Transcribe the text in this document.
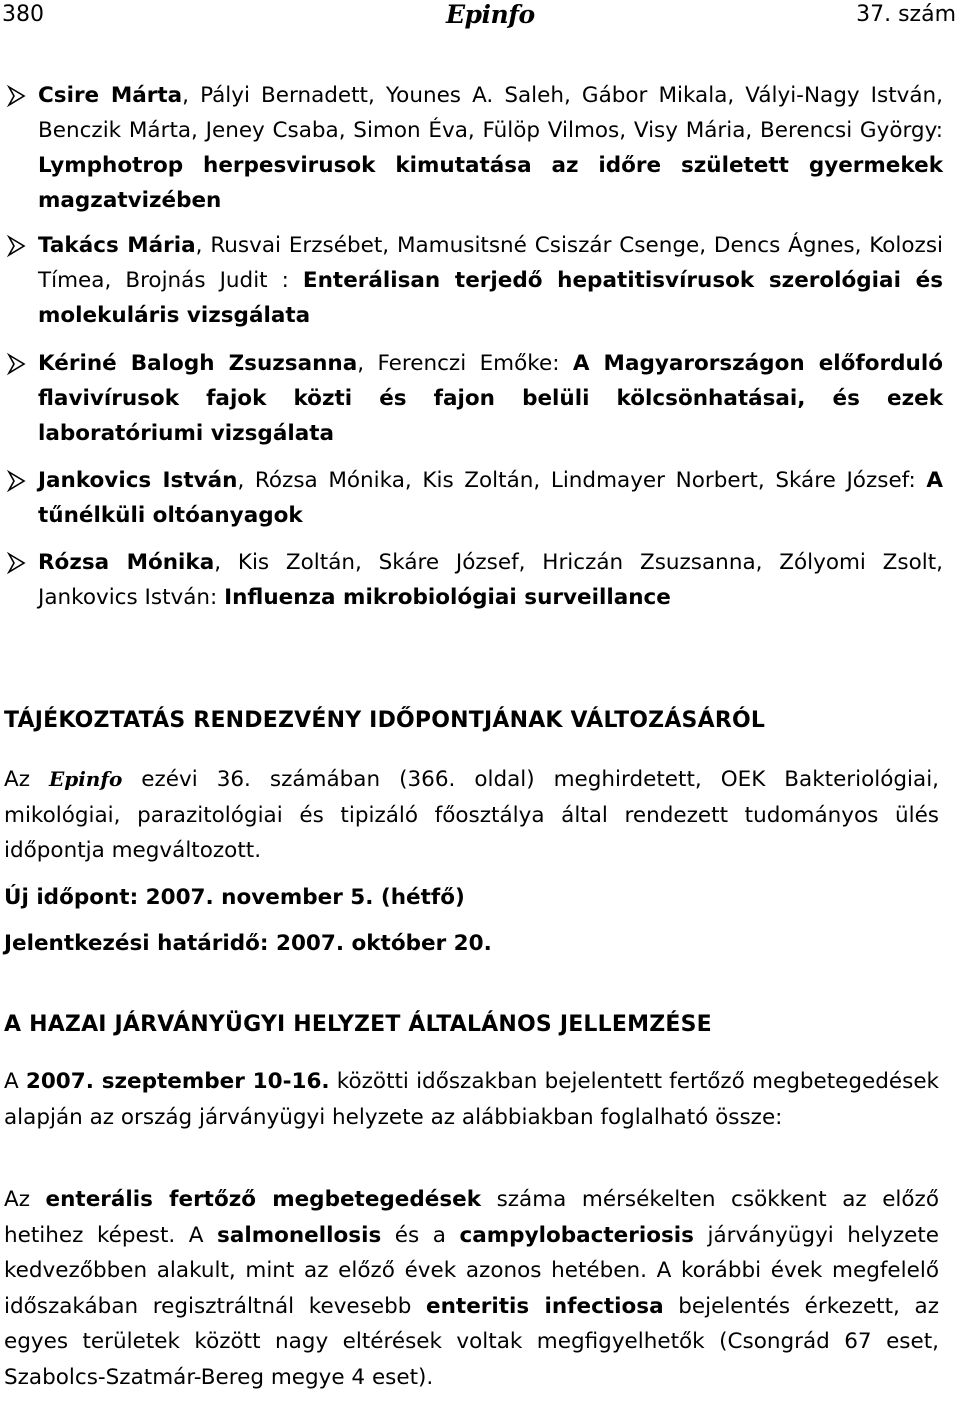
380	Epinfo	37. szám
Csire Márta, Pályi Bernadett, Younes A. Saleh, Gábor Mikala, Vályi-Nagy István, Benczik Márta, Jeney Csaba, Simon Éva, Fülöp Vilmos, Visy Mária, Berencsi György: Lymphotrop herpesvirusok kimutatása az időre született gyermekek magzatvizében
Takács Mária, Rusvai Erzsébet, Mamusitsné Csiszár Csenge, Dencs Ágnes, Kolozsi Tímea, Brojnás Judit : Enterálisan terjedő hepatitisvírusok szerológiai és molekuláris vizsgálata
Kériné Balogh Zsuzsanna, Ferenczi Emőke: A Magyarországon előforduló flavivírusok fajok közti és fajon belüli kölcsönhatásai, és ezek laboratóriumi vizsgálata
Jankovics István, Rózsa Mónika, Kis Zoltán, Lindmayer Norbert, Skáre József: A tűnélküli oltóanyagok
Rózsa Mónika, Kis Zoltán, Skáre József, Hriczán Zsuzsanna, Zólyomi Zsolt, Jankovics István: Influenza mikrobiológiai surveillance
TÁJÉKOZTATÁS RENDEZVÉNY IDŐPONTJÁNAK VÁLTOZÁSÁRÓL
Az Epinfo ezévi 36. számában (366. oldal) meghirdetett, OEK Bakteriológiai, mikológiai, parazitológiai és tipizáló főosztálya által rendezett tudományos ülés időpontja megváltozott.
Új időpont: 2007. november 5. (hétfő)
Jelentkezési határidő: 2007. október 20.
A HAZAI JÁRVÁNYÜGYI HELYZET ÁLTALÁNOS JELLEMZÉSE
A 2007. szeptember 10-16. közötti időszakban bejelentett fertőző megbetegedések alapján az ország járványügyi helyzete az alábbiakban foglalható össze:
Az enterális fertőző megbetegedések száma mérsékelten csökkent az előző hetihez képest. A salmonellosis és a campylobacteriosis járványügyi helyzete kedvezőbben alakult, mint az előző évek azonos hetében. A korábbi évek megfelelő időszakában regisztráltnál kevesebb enteritis infectiosa bejelentés érkezett, az egyes területek között nagy eltérések voltak megfigyelhetők (Csongrád 67 eset, Szabolcs-Szatmár-Bereg megye 4 eset).
